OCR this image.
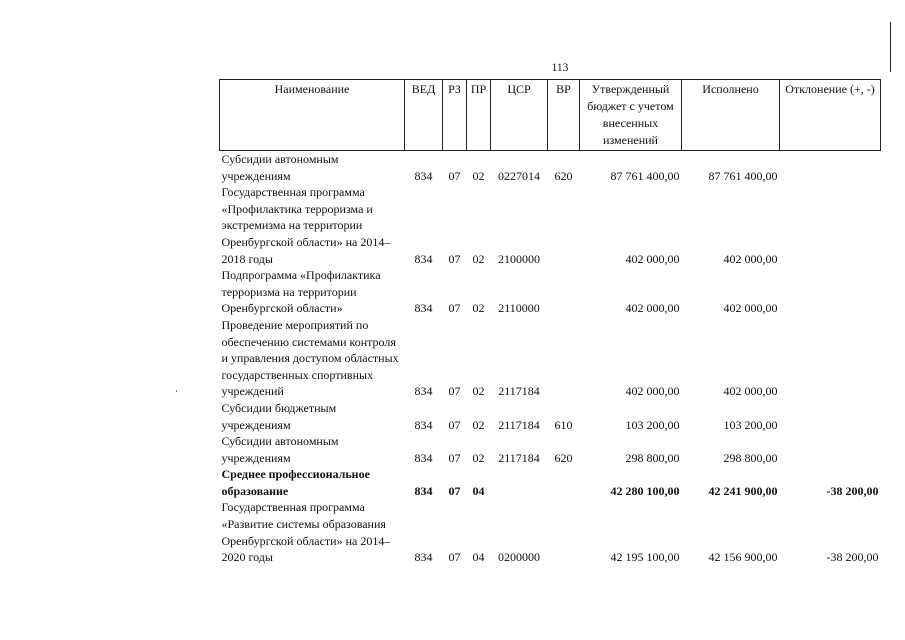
113
Наименование	ВЕД	РЗ	ПР	ЦСР	ВР	Утвержденный бюджет с учетом внесенных изменений	Исполнено	Отклонение (+, -)
Субсидии автономным учреждениям	834	07	02	0227014	620	87 761 400,00	87 761 400,00	
Государственная программа «Профилактика терроризма и экстремизма на территории Оренбургской области» на 2014–2018 годы	834	07	02	2100000		402 000,00	402 000,00	
Подпрограмма «Профилактика терроризма на территории Оренбургской области»	834	07	02	2110000		402 000,00	402 000,00	
Проведение мероприятий по обеспечению системами контроля и управления доступом областных государственных спортивных учреждений	834	07	02	2117184		402 000,00	402 000,00	
Субсидии бюджетным учреждениям	834	07	02	2117184	610	103 200,00	103 200,00	
Субсидии автономным учреждениям	834	07	02	2117184	620	298 800,00	298 800,00	
Среднее профессиональное образование	834	07	04			42 280 100,00	42 241 900,00	-38 200,00
Государственная программа «Развитие системы образования Оренбургской области» на 2014–2020 годы	834	07	04	0200000		42 195 100,00	42 156 900,00	-38 200,00
